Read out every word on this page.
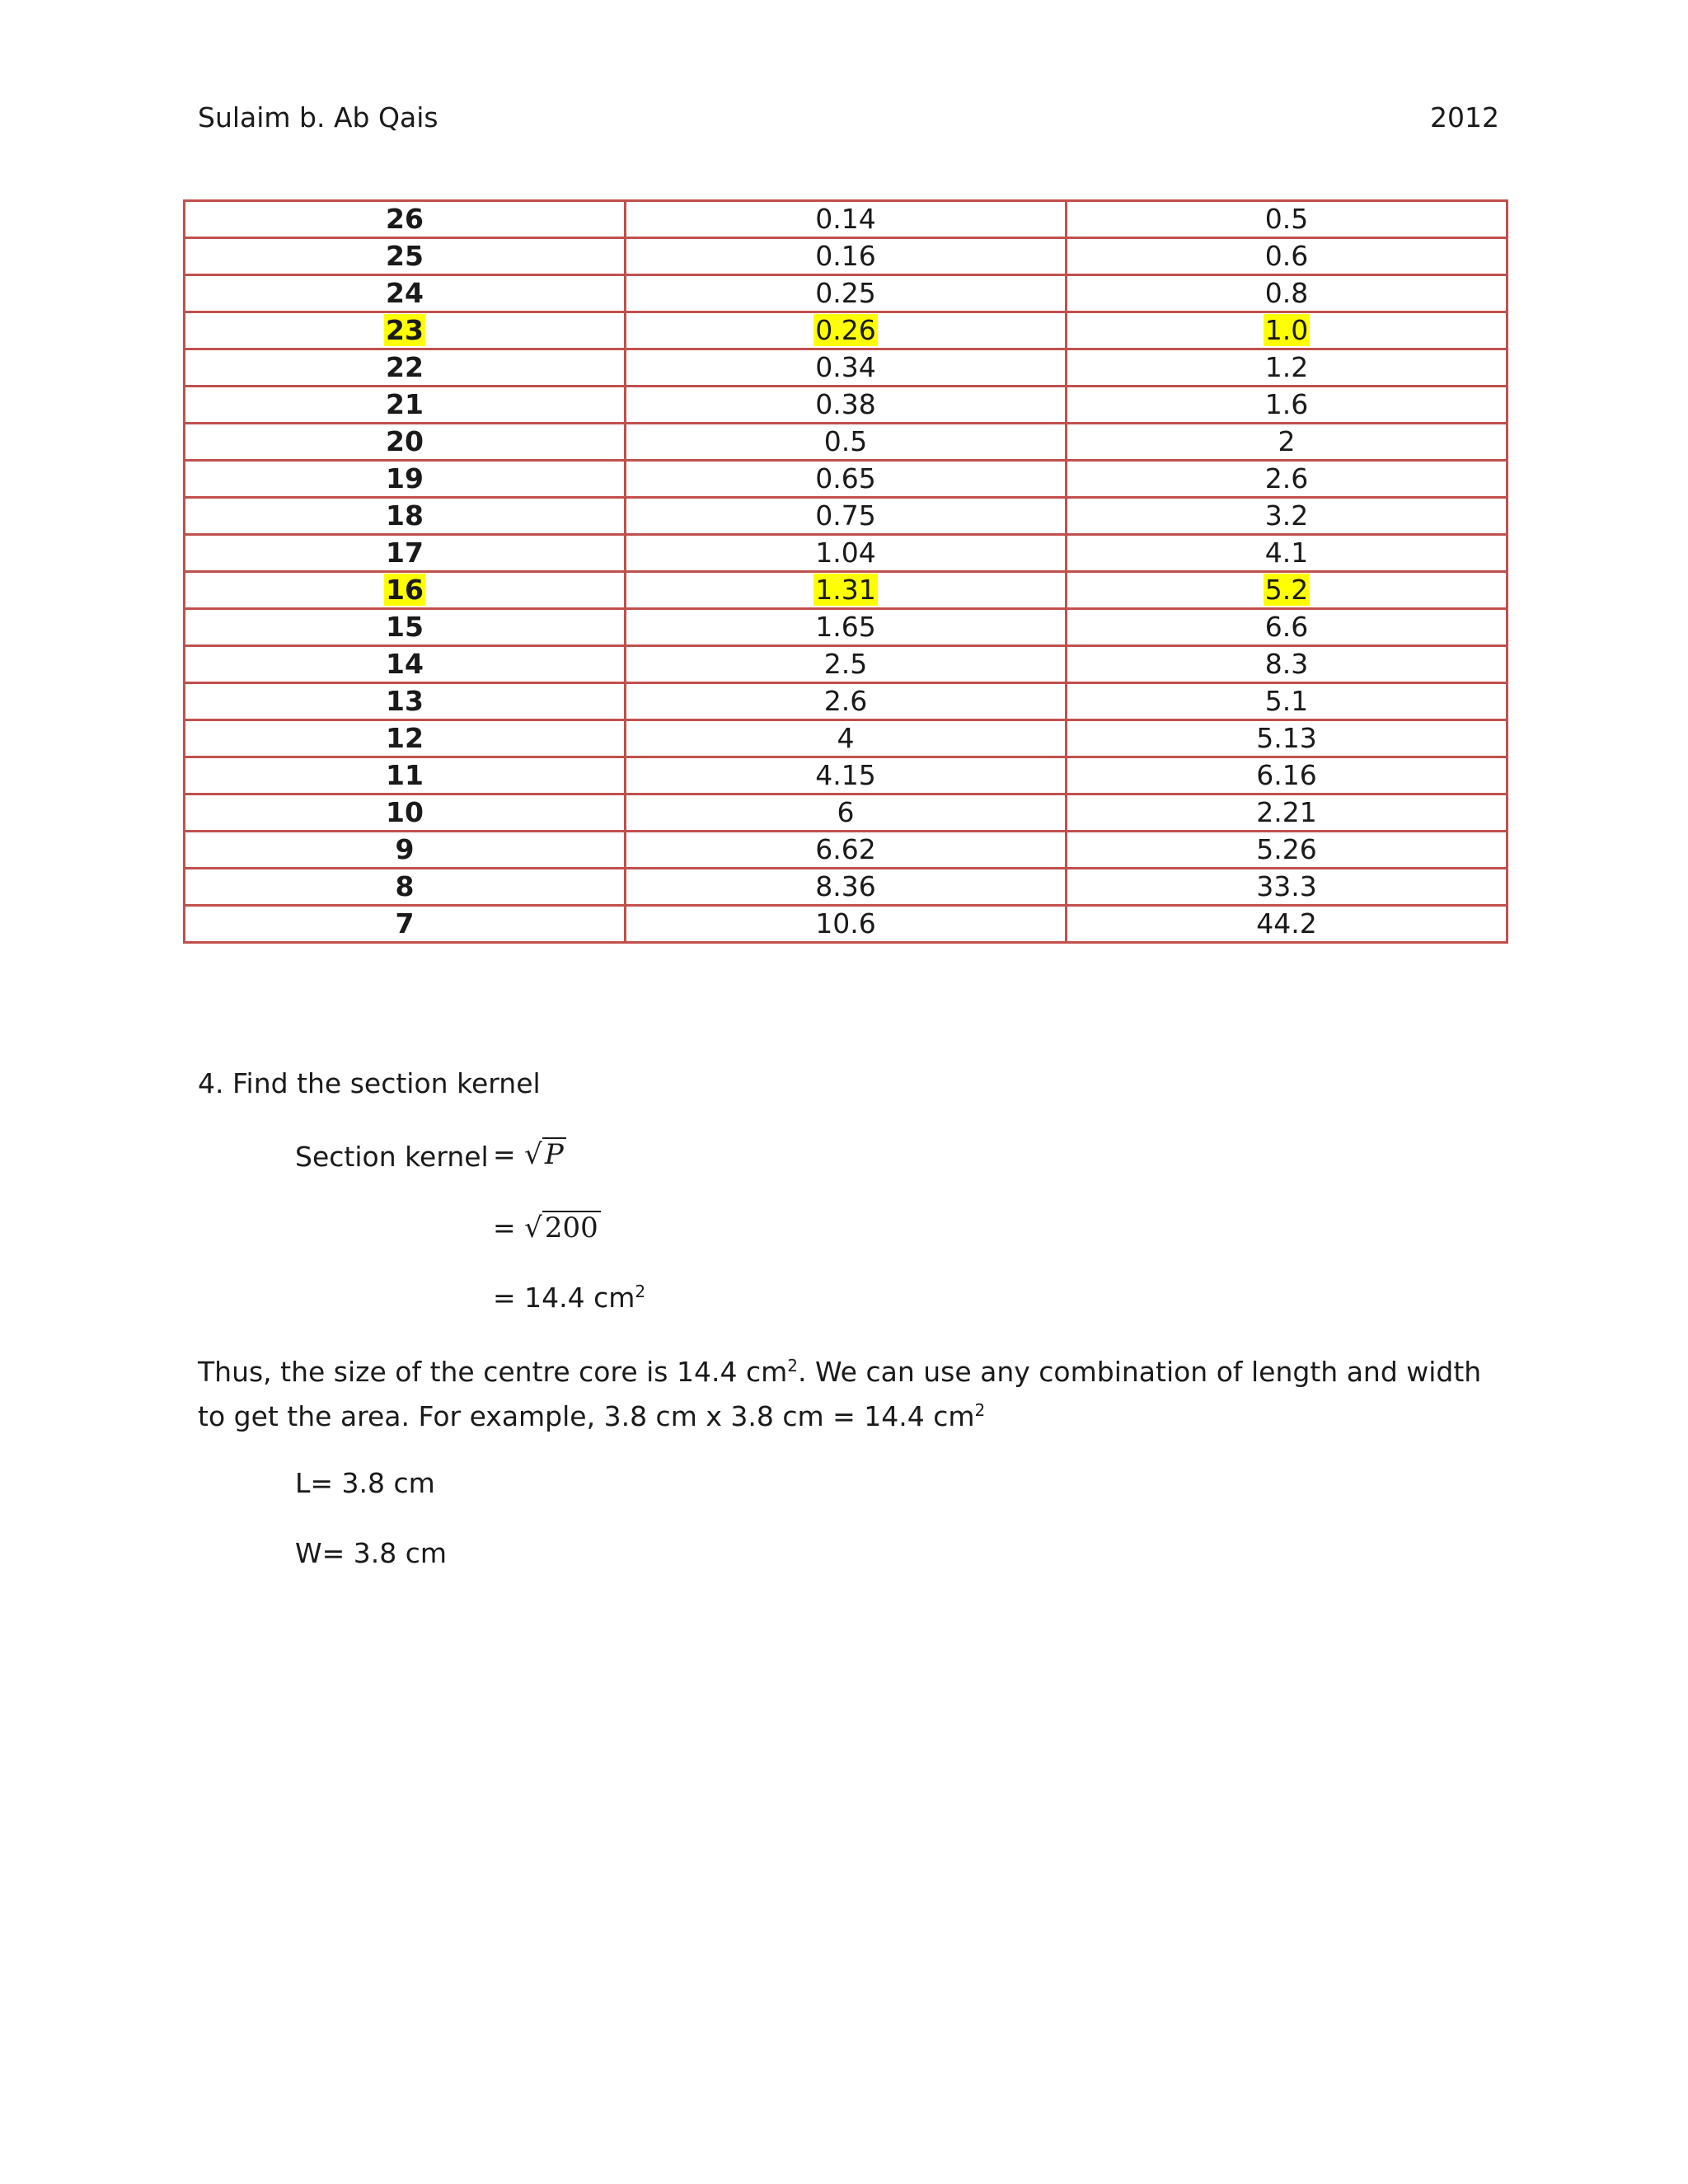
Sulaim b. Ab Qais	2012
26	0.14	0.5
25	0.16	0.6
24	0.25	0.8
23	0.26	1.0
22	0.34	1.2
21	0.38	1.6
20	0.5	2
19	0.65	2.6
18	0.75	3.2
17	1.04	4.1
16	1.31	5.2
15	1.65	6.6
14	2.5	8.3
13	2.6	5.1
12	4	5.13
11	4.15	6.16
10	6	2.21
9	6.62	5.26
8	8.36	33.3
7	10.6	44.2
4. Find the section kernel
Section kernel = √P
= √200
= 14.4 $cm^2$
Thus, the size of the centre core is 14.4 $cm^2$. We can use any combination of length and width to get the area. For example, 3.8 cm x 3.8 cm = 14.4 $cm^2$
L= 3.8 cm
W= 3.8 cm
